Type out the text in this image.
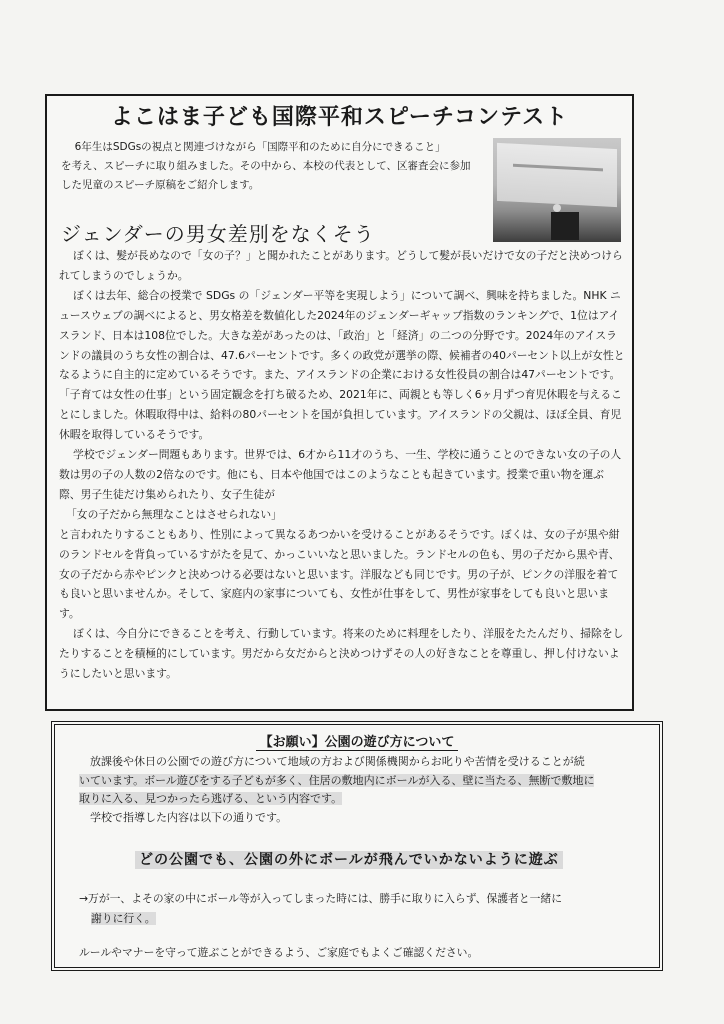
よこはま子ども国際平和スピーチコンテスト

6年生はSDGsの視点と関連づけながら「国際平和のために自分にできること」

を考え、スピーチに取り組みました。その中から、本校の代表として、区審査会に参加
した児童のスピーチ原稿をご紹介します。
ジェンダーの男女差別をなくそう

ぼくは、髪が長めなので「女の子？」と聞かれたことがあります。どうして髪が長いだけで女の子だと決めつけられてしまうのでしょうか。

ぼくは去年、総合の授業で SDGs の「ジェンダー平等を実現しよう」について調べ、興味を持ちました。NHK ニュースウェブの調べによると、男女格差を数値化した2024年のジェンダーギャップ指数のランキングで、1位はアイスランド、日本は108位でした。大きな差があったのは、「政治」と「経済」の二つの分野です。2024年のアイスランドの議員のうち女性の割合は、47.6パーセントです。多くの政党が選挙の際、候補者の40パーセント以上が女性となるように自主的に定めているそうです。また、アイスランドの企業における女性役員の割合は47パーセントです。「子育ては女性の仕事」という固定観念を打ち破るため、2021年に、両親とも等しく6ヶ月ずつ育児休暇を与えることにしました。休暇取得中は、給料の80パーセントを国が負担しています。アイスランドの父親は、ほぼ全員、育児休暇を取得しているそうです。

学校でジェンダー問題もあります。世界では、6才から11才のうち、一生、学校に通うことのできない女の子の人数は男の子の人数の2倍なのです。他にも、日本や他国ではこのようなことも起きています。授業で重い物を運ぶ際、男子生徒だけ集められたり、女子生徒が

「女の子だから無理なことはさせられない」

と言われたりすることもあり、性別によって異なるあつかいを受けることがあるそうです。ぼくは、女の子が黒や紺のランドセルを背負っているすがたを見て、かっこいいなと思いました。ランドセルの色も、男の子だから黒や青、女の子だから赤やピンクと決めつける必要はないと思います。洋服なども同じです。男の子が、ピンクの洋服を着ても良いと思いませんか。そして、家庭内の家事についても、女性が仕事をして、男性が家事をしても良いと思います。

ぼくは、今自分にできることを考え、行動しています。将来のために料理をしたり、洋服をたたんだり、掃除をしたりすることを積極的にしています。男だから女だからと決めつけずその人の好きなことを尊重し、押し付けないようにしたいと思います。

【お願い】公園の遊び方について

放課後や休日の公園での遊び方について地域の方および関係機関からお叱りや苦情を受けることが続

いています。ボール遊びをする子どもが多く、住居の敷地内にボールが入る、壁に当たる、無断で敷地に

取りに入る、見つかったら逃げる、という内容です。

学校で指導した内容は以下の通りです。

どの公園でも、公園の外にボールが飛んでいかないように遊ぶ

→万が一、よその家の中にボール等が入ってしまった時には、勝手に取りに入らず、保護者と一緒に

謝りに行く。

ルールやマナーを守って遊ぶことができるよう、ご家庭でもよくご確認ください。
